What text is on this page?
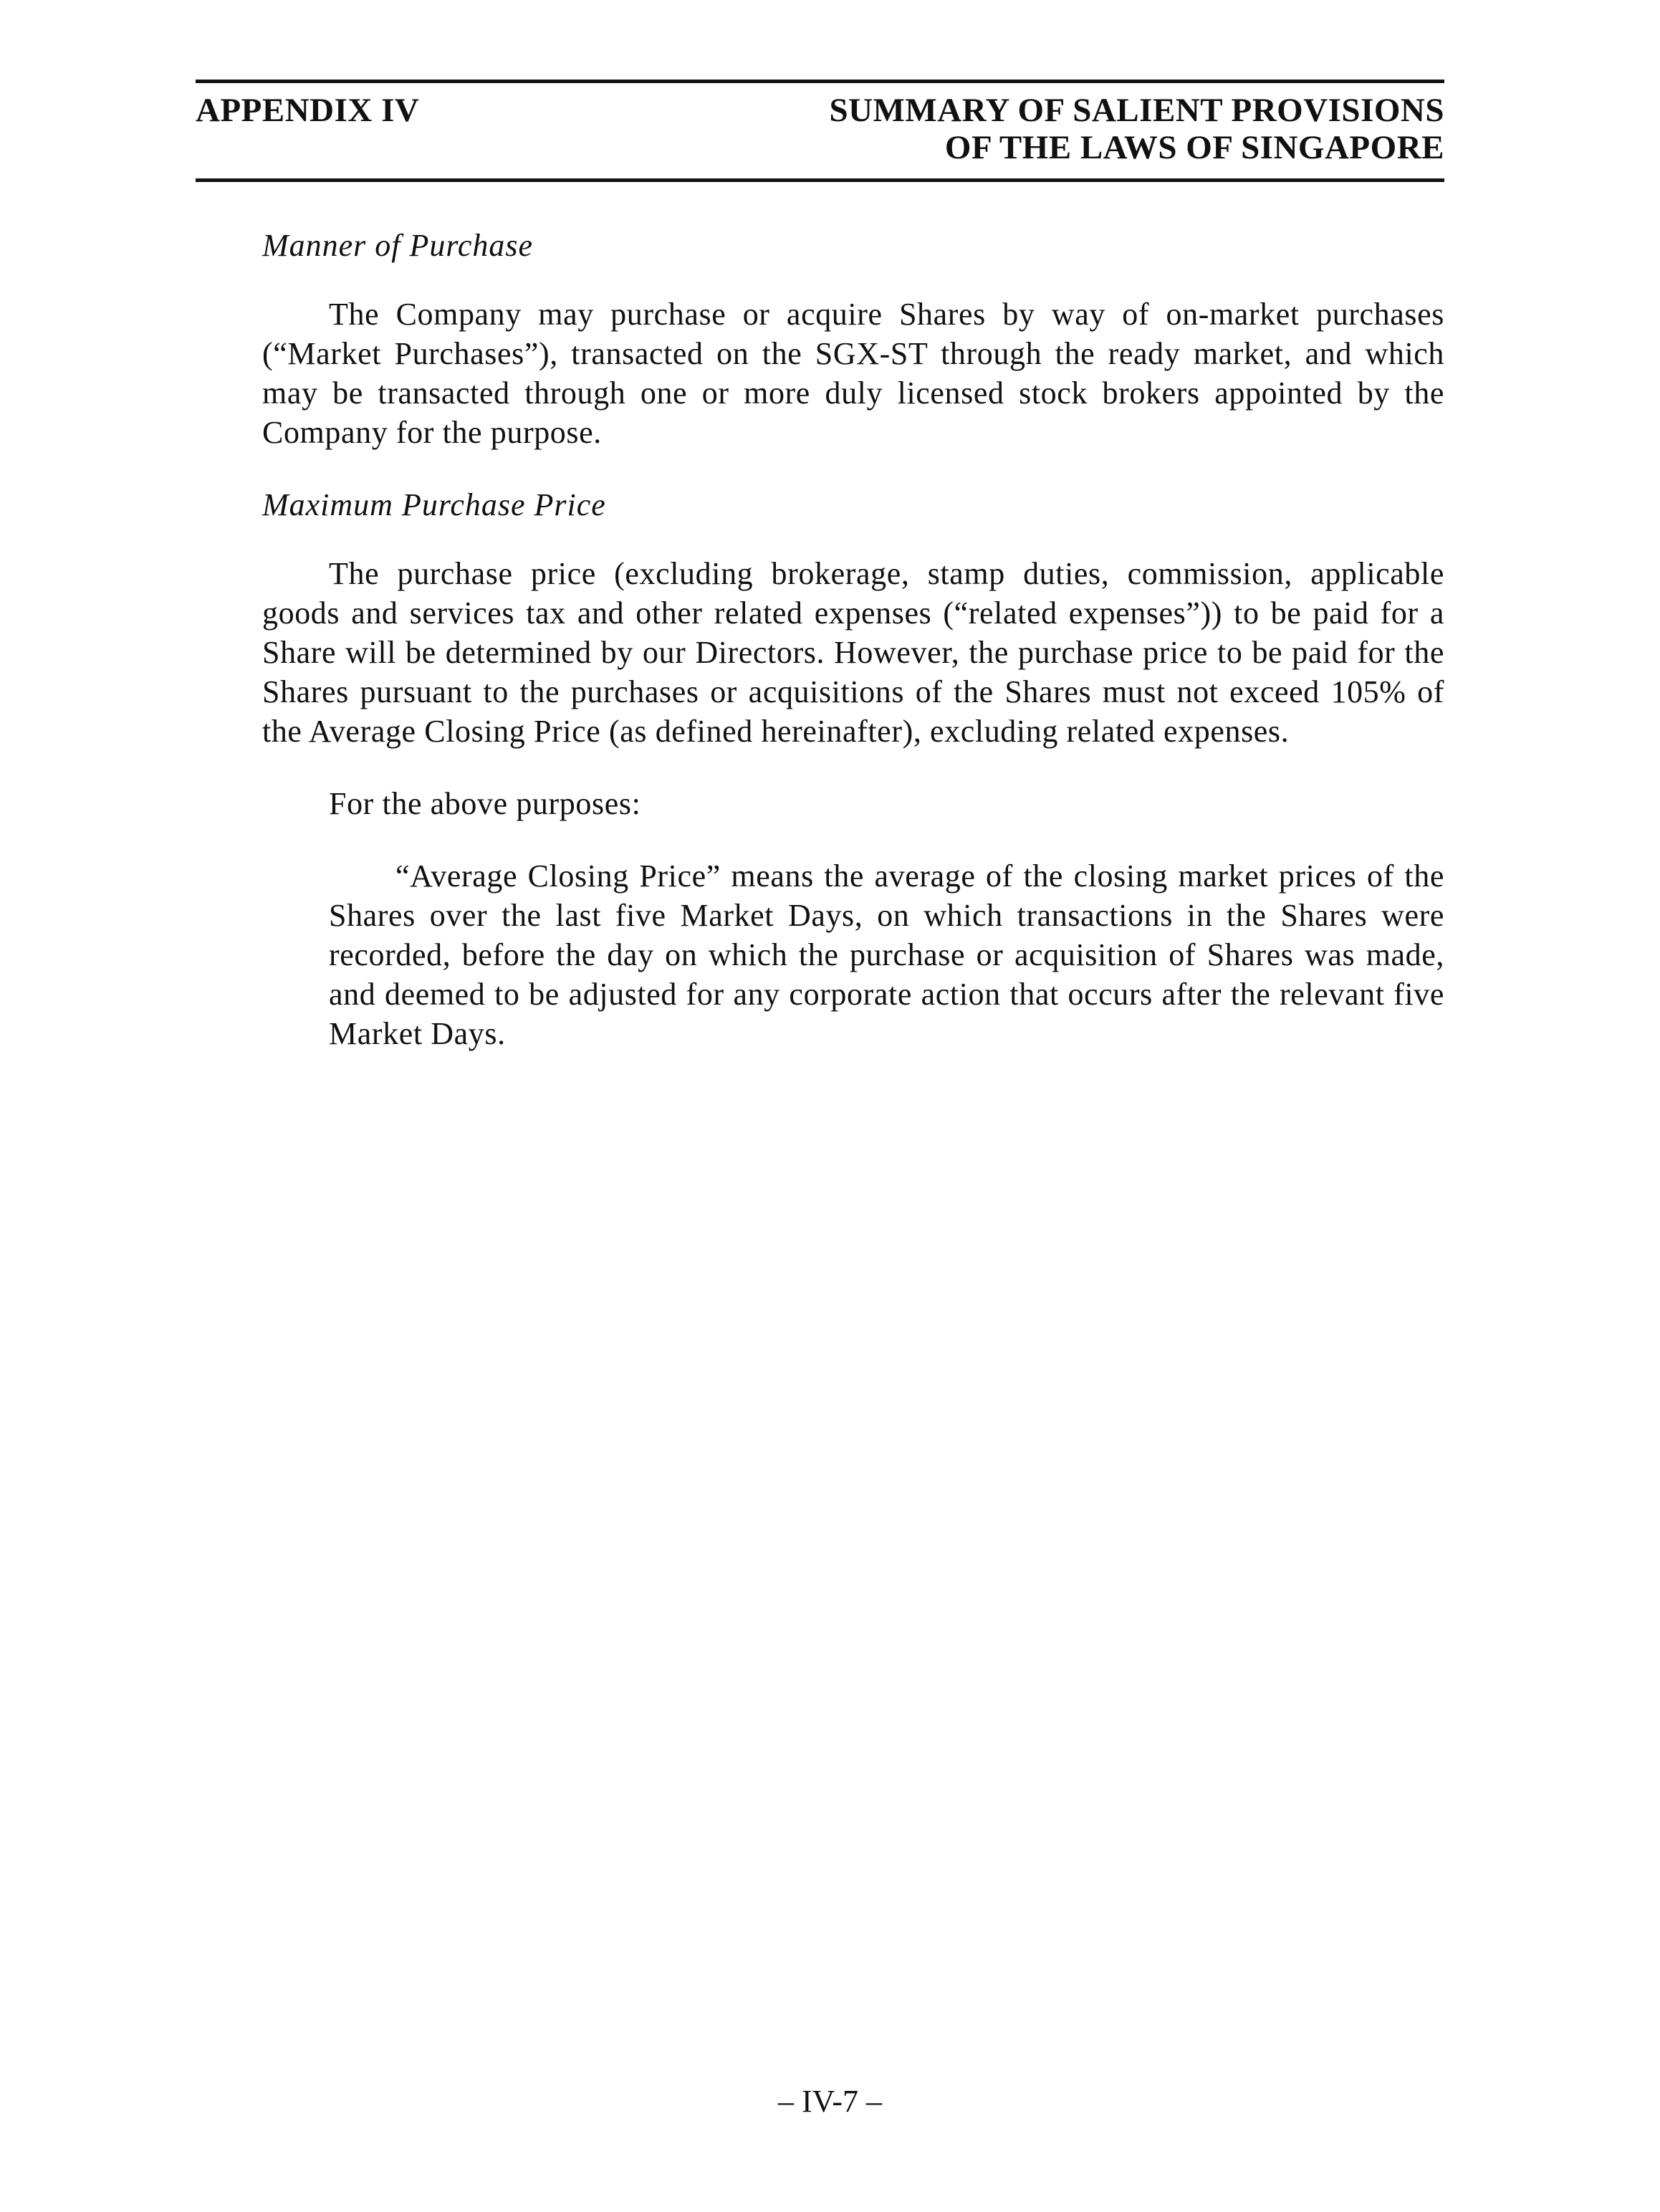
APPENDIX IV	SUMMARY OF SALIENT PROVISIONS
OF THE LAWS OF SINGAPORE

Manner of Purchase

The Company may purchase or acquire Shares by way of on-market purchases (“Market Purchases”), transacted on the SGX-ST through the ready market, and which may be transacted through one or more duly licensed stock brokers appointed by the Company for the purpose.

Maximum Purchase Price

The purchase price (excluding brokerage, stamp duties, commission, applicable goods and services tax and other related expenses (“related expenses”)) to be paid for a Share will be determined by our Directors. However, the purchase price to be paid for the Shares pursuant to the purchases or acquisitions of the Shares must not exceed 105% of the Average Closing Price (as defined hereinafter), excluding related expenses.

For the above purposes:

“Average Closing Price” means the average of the closing market prices of the Shares over the last five Market Days, on which transactions in the Shares were recorded, before the day on which the purchase or acquisition of Shares was made, and deemed to be adjusted for any corporate action that occurs after the relevant five Market Days.

– IV-7 –
